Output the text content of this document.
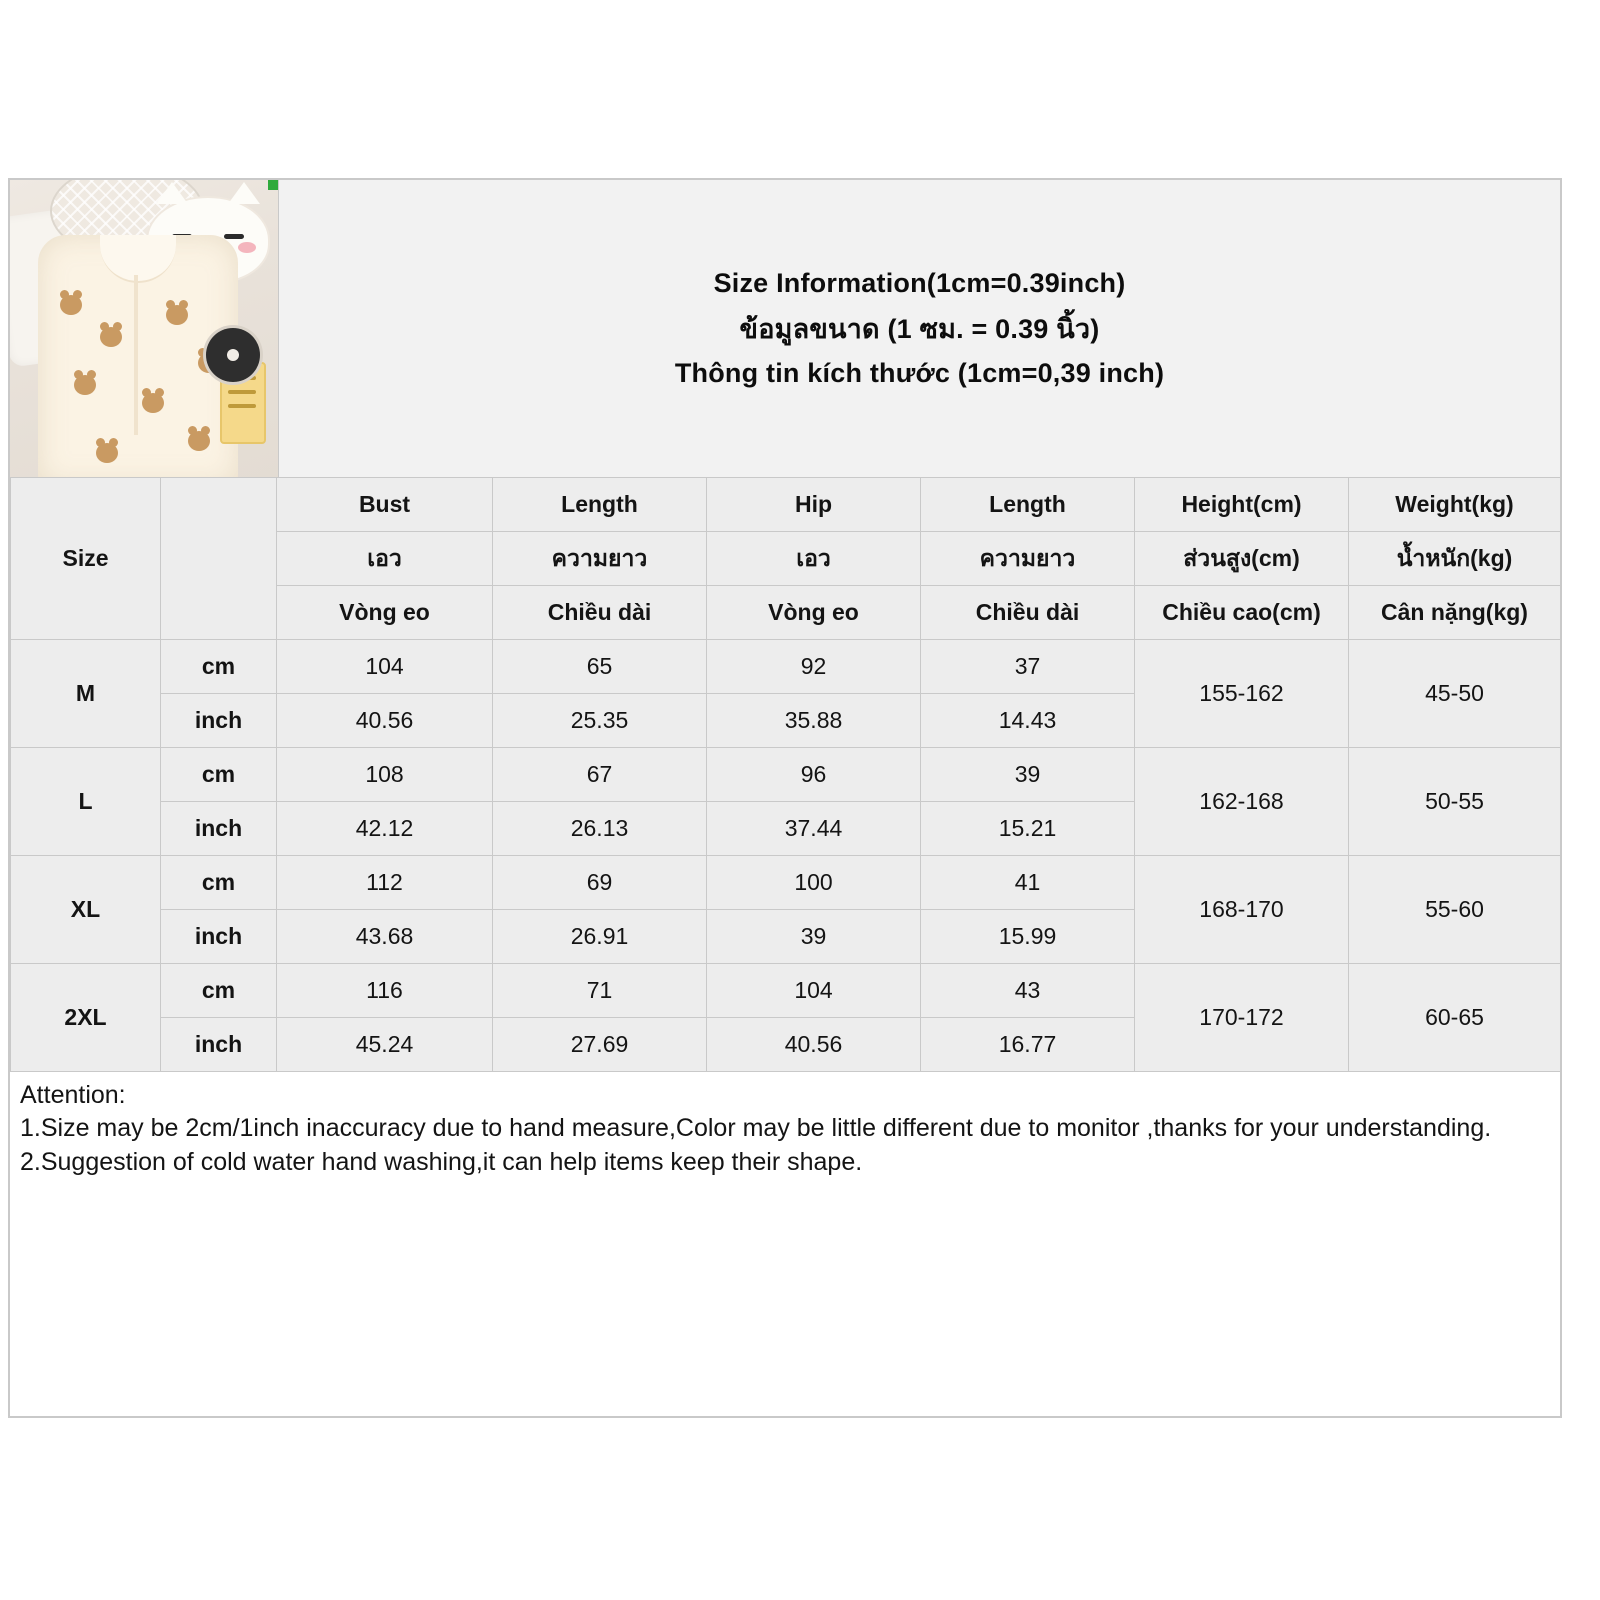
Size Information(1cm=0.39inch)
ข้อมูลขนาด (1 ซม. = 0.39 นิ้ว)
Thông tin kích thước (1cm=0,39 inch)
Size		Bust	Length	Hip	Length	Height(cm)	Weight(kg)
		เอว	ความยาว	เอว	ความยาว	ส่วนสูง(cm)	น้ำหนัก(kg)
		Vòng eo	Chiều dài	Vòng eo	Chiều dài	Chiều cao(cm)	Cân nặng(kg)
M	cm	104	65	92	37	155-162	45-50
	inch	40.56	25.35	35.88	14.43		
L	cm	108	67	96	39	162-168	50-55
	inch	42.12	26.13	37.44	15.21		
XL	cm	112	69	100	41	168-170	55-60
	inch	43.68	26.91	39	15.99		
2XL	cm	116	71	104	43	170-172	60-65
	inch	45.24	27.69	40.56	16.77		

Attention:

1.Size may be 2cm/1inch inaccuracy due to hand measure,Color may be little different due to monitor ,thanks for your understanding.

2.Suggestion of cold water hand washing,it can help items keep their shape.
